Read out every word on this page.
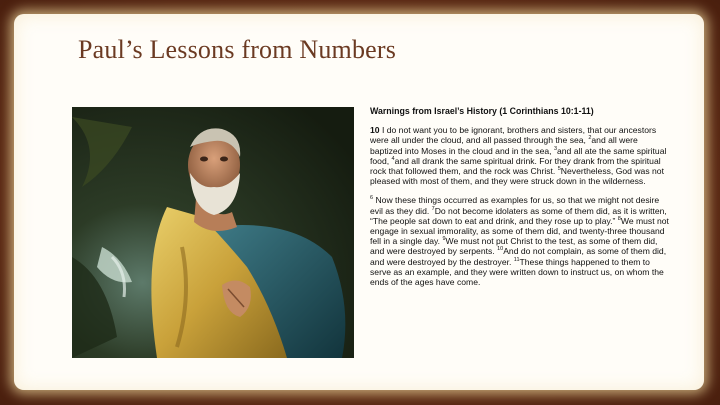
Paul’s Lessons from Numbers
Warnings from Israel’s History (1 Corinthians 10:1-11)

10 I do not want you to be ignorant, brothers and sisters, that our ancestors were all under the cloud, and all passed through the sea, $^2$and all were baptized into Moses in the cloud and in the sea, $^3$and all ate the same spiritual food, $^4$and all drank the same spiritual drink. For they drank from the spiritual rock that followed them, and the rock was Christ. $^5$Nevertheless, God was not pleased with most of them, and they were struck down in the wilderness.

$^6$ Now these things occurred as examples for us, so that we might not desire evil as they did. $^7$Do not become idolaters as some of them did, as it is written, “The people sat down to eat and drink, and they rose up to play.” $^8$We must not engage in sexual immorality, as some of them did, and twenty-three thousand fell in a single day. $^9$We must not put Christ to the test, as some of them did, and were destroyed by serpents. $^{10}$And do not complain, as some of them did, and were destroyed by the destroyer. $^{11}$These things happened to them to serve as an example, and they were written down to instruct us, on whom the ends of the ages have come.
